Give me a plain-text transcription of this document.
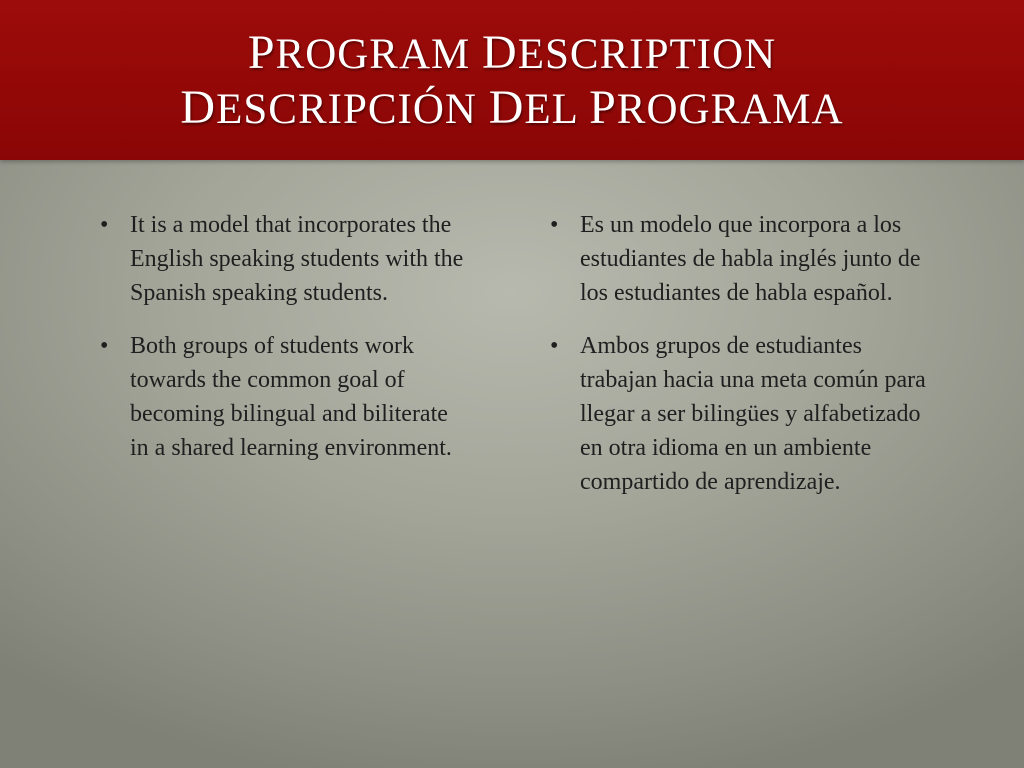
PROGRAM DESCRIPTION
DESCRIPCIÓN DEL PROGRAMA
• It is a model that incorporates the English speaking students with the Spanish speaking students.
• Both groups of students work towards the common goal of becoming bilingual and biliterate in a shared learning environment.
• Es un modelo que incorpora a los estudiantes de habla inglés junto de los estudiantes de habla español.
• Ambos grupos de estudiantes trabajan hacia una meta común para llegar a ser bilingües y alfabetizado en otra idioma en un ambiente compartido de aprendizaje.
